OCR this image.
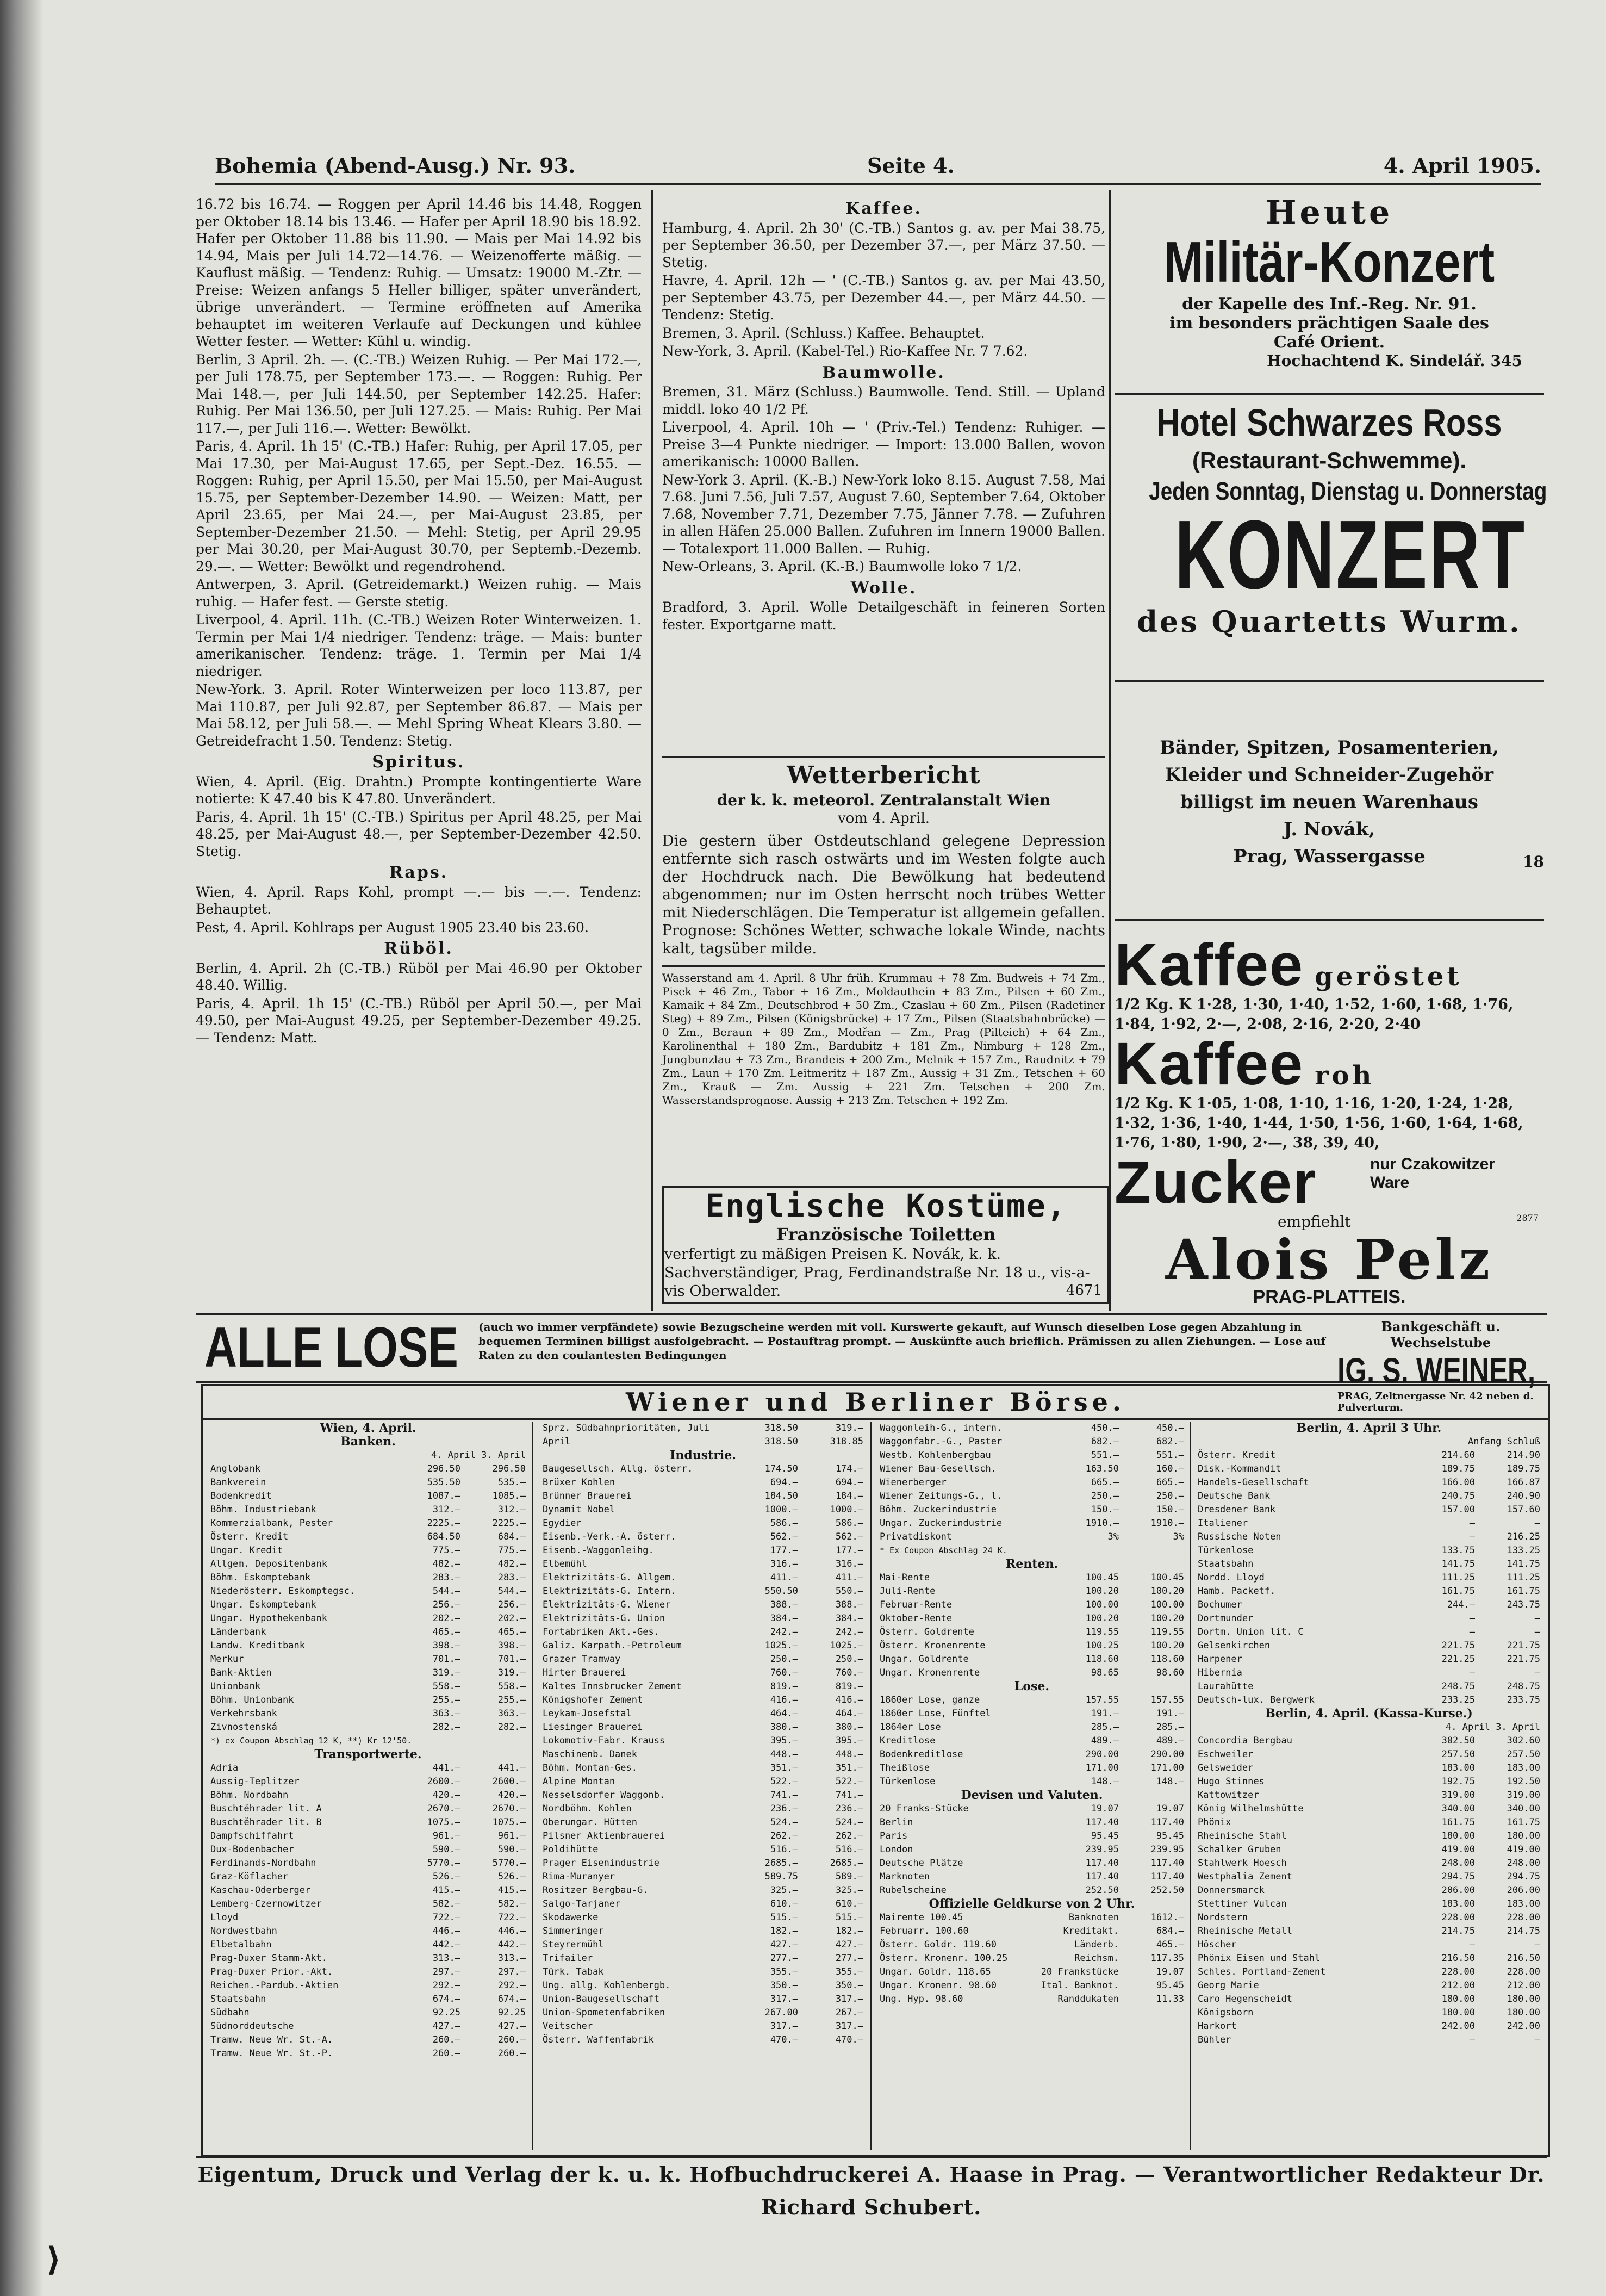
Bohemia (Abend-Ausg.) Nr. 93.	Seite 4.	4. April 1905.

16.72 bis 16.74. — Roggen per April 14.46 bis 14.48, Roggen per Oktober 18.14 bis 13.46. — Hafer per April 18.90 bis 18.92. Hafer per Oktober 11.88 bis 11.90. — Mais per Mai 14.92 bis 14.94, Mais per Juli 14.72—14.76. — Weizenofferte mäßig. — Kauflust mäßig. — Tendenz: Ruhig. — Umsatz: 19000 M.-Ztr. — Preise: Weizen anfangs 5 Heller billiger, später unverändert, übrige unverändert. — Termine eröffneten auf Amerika behauptet im weiteren Verlaufe auf Deckungen und kühlee Wetter fester. — Wetter: Kühl u. windig.

Berlin, 3 April. 2h. —. (C.-TB.) Weizen Ruhig. — Per Mai 172.—, per Juli 178.75, per September 173.—. — Roggen: Ruhig. Per Mai 148.—, per Juli 144.50, per September 142.25. Hafer: Ruhig. Per Mai 136.50, per Juli 127.25. — Mais: Ruhig. Per Mai 117.—, per Juli 116.—. Wetter: Bewölkt.

Paris, 4. April. 1h 15' (C.-TB.) Hafer: Ruhig, per April 17.05, per Mai 17.30, per Mai-August 17.65, per Sept.-Dez. 16.55. — Roggen: Ruhig, per April 15.50, per Mai 15.50, per Mai-August 15.75, per September-Dezember 14.90. — Weizen: Matt, per April 23.65, per Mai 24.—, per Mai-August 23.85, per September-Dezember 21.50. — Mehl: Stetig, per April 29.95 per Mai 30.20, per Mai-August 30.70, per Septemb.-Dezemb. 29.—. — Wetter: Bewölkt und regendrohend.

Antwerpen, 3. April. (Getreidemarkt.) Weizen ruhig. — Mais ruhig. — Hafer fest. — Gerste stetig.

Liverpool, 4. April. 11h. (C.-TB.) Weizen Roter Winterweizen. 1. Termin per Mai 1/4 niedriger. Tendenz: träge. — Mais: bunter amerikanischer. Tendenz: träge. 1. Termin per Mai 1/4 niedriger.

New-York. 3. April. Roter Winterweizen per loco 113.87, per Mai 110.87, per Juli 92.87, per September 86.87. — Mais per Mai 58.12, per Juli 58.—. — Mehl Spring Wheat Klears 3.80. — Getreidefracht 1.50. Tendenz: Stetig.

Spiritus.

Wien, 4. April. (Eig. Drahtn.) Prompte kontingentierte Ware notierte: K 47.40 bis K 47.80. Unverändert.

Paris, 4. April. 1h 15' (C.-TB.) Spiritus per April 48.25, per Mai 48.25, per Mai-August 48.—, per September-Dezember 42.50. Stetig.

Raps.

Wien, 4. April. Raps Kohl, prompt —.— bis —.—. Tendenz: Behauptet.

Pest, 4. April. Kohlraps per August 1905 23.40 bis 23.60.

Rüböl.

Berlin, 4. April. 2h (C.-TB.) Rüböl per Mai 46.90 per Oktober 48.40. Willig.

Paris, 4. April. 1h 15' (C.-TB.) Rüböl per April 50.—, per Mai 49.50, per Mai-August 49.25, per September-Dezember 49.25. — Tendenz: Matt.

Kaffee.

Hamburg, 4. April. 2h 30' (C.-TB.) Santos g. av. per Mai 38.75, per September 36.50, per Dezember 37.—, per März 37.50. — Stetig.

Havre, 4. April. 12h — ' (C.-TB.) Santos g. av. per Mai 43.50, per September 43.75, per Dezember 44.—, per März 44.50. — Tendenz: Stetig.

Bremen, 3. April. (Schluss.) Kaffee. Behauptet.

New-York, 3. April. (Kabel-Tel.) Rio-Kaffee Nr. 7 7.62.

Baumwolle.

Bremen, 31. März (Schluss.) Baumwolle. Tend. Still. — Upland middl. loko 40 1/2 Pf.

Liverpool, 4. April. 10h — ' (Priv.-Tel.) Tendenz: Ruhiger. — Preise 3—4 Punkte niedriger. — Import: 13.000 Ballen, wovon amerikanisch: 10000 Ballen.

New-York 3. April. (K.-B.) New-York loko 8.15. August 7.58, Mai 7.68. Juni 7.56, Juli 7.57, August 7.60, September 7.64, Oktober 7.68, November 7.71, Dezember 7.75, Jänner 7.78. — Zufuhren in allen Häfen 25.000 Ballen. Zufuhren im Innern 19000 Ballen. — Totalexport 11.000 Ballen. — Ruhig.

New-Orleans, 3. April. (K.-B.) Baumwolle loko 7 1/2.

Wolle.

Bradford, 3. April. Wolle Detailgeschäft in feineren Sorten fester. Exportgarne matt.

Wetterbericht
der k. k. meteorol. Zentralanstalt Wien
vom 4. April.
Die gestern über Ostdeutschland gelegene Depression entfernte sich rasch ostwärts und im Westen folgte auch der Hochdruck nach. Die Bewölkung hat bedeutend abgenommen; nur im Osten herrscht noch trübes Wetter mit Niederschlägen. Die Temperatur ist allgemein gefallen. Prognose: Schönes Wetter, schwache lokale Winde, nachts kalt, tagsüber milde.
Wasserstand am 4. April. 8 Uhr früh. Krummau + 78 Zm. Budweis + 74 Zm., Pisek + 46 Zm., Tabor + 16 Zm., Moldauthein + 83 Zm., Pilsen + 60 Zm., Kamaik + 84 Zm., Deutschbrod + 50 Zm., Czaslau + 60 Zm., Pilsen (Radetiner Steg) + 89 Zm., Pilsen (Königsbrücke) + 17 Zm., Pilsen (Staatsbahnbrücke) — 0 Zm., Beraun + 89 Zm., Modřan — Zm., Prag (Pilteich) + 64 Zm., Karolinenthal + 180 Zm., Bardubitz + 181 Zm., Nimburg + 128 Zm., Jungbunzlau + 73 Zm., Brandeis + 200 Zm., Melnik + 157 Zm., Raudnitz + 79 Zm., Laun + 170 Zm. Leitmeritz + 187 Zm., Aussig + 31 Zm., Tetschen + 60 Zm., Krauß — Zm. Aussig + 221 Zm. Tetschen + 200 Zm. Wasserstandsprognose. Aussig + 213 Zm. Tetschen + 192 Zm.
Englische Kostüme,
Französische Toiletten
verfertigt zu mäßigen Preisen K. Novák, k. k. Sachverständiger, Prag, Ferdinandstraße Nr. 18 u., vis-a-vis Oberwalder.	4671
Heute
Militär-Konzert
der Kapelle des Inf.-Reg. Nr. 91.
im besonders prächtigen Saale des
Café Orient.
Hochachtend K. Sindelář. 345
Hotel Schwarzes Ross
(Restaurant-Schwemme).
Jeden Sonntag, Dienstag u. Donnerstag
KONZERT
des Quartetts Wurm.
Bänder, Spitzen, Posamenterien,
Kleider und Schneider-Zugehör
billigst im neuen Warenhaus
J. Novák,
Prag, Wassergasse	18
Kaffee geröstet
1/2 Kg. K 1·28, 1·30, 1·40, 1·52, 1·60, 1·68, 1·76, 1·84, 1·92, 2·—, 2·08, 2·16, 2·20, 2·40
Kaffee roh
1/2 Kg. K 1·05, 1·08, 1·10, 1·16, 1·20, 1·24, 1·28, 1·32, 1·36, 1·40, 1·44, 1·50, 1·56, 1·60, 1·64, 1·68, 1·76, 1·80, 1·90, 2·—, 38, 39, 40,
Zucker	nur Czakowitzer
Ware
empfiehlt	2877
Alois Pelz
PRAG-PLATTEIS.
ALLE LOSE (auch wo immer verpfändete) sowie Bezugscheine werden mit voll. Kurswerte gekauft, auf Wunsch dieselben Lose gegen Abzahlung in bequemen Terminen billigst ausfolgebracht. — Postauftrag prompt. — Auskünfte auch brieflich. Prämissen zu allen Ziehungen. — Lose auf Raten zu den coulantesten Bedingungen
Bankgeschäft u. Wechselstube
IG. S. WEINER,
PRAG, Zeltnergasse Nr. 42 neben d. Pulverturm.
Wiener und Berliner Börse.
Wien, 4. April.
Banken.
4. April 3. April
Anglobank	296.50	296.50
Bankverein	535.50	535.—
Bodenkredit	1087.—	1085.—
Böhm. Industriebank	312.—	312.—
Kommerzialbank, Pester	2225.—	2225.—
Österr. Kredit	684.50	684.—
Ungar. Kredit	775.—	775.—
Allgem. Depositenbank	482.—	482.—
Böhm. Eskomptebank	283.—	283.—
Niederösterr. Eskomptegsc.	544.—	544.—
Ungar. Eskomptebank	256.—	256.—
Ungar. Hypothekenbank	202.—	202.—
Länderbank	465.—	465.—
Landw. Kreditbank	398.—	398.—
Merkur	701.—	701.—
Bank-Aktien	319.—	319.—
Unionbank	558.—	558.—
Böhm. Unionbank	255.—	255.—
Verkehrsbank	363.—	363.—
Zivnostenská	282.—	282.—
*) ex Coupon Abschlag 12 K, **) Kr 12'50.
Transportwerte.
Adria	441.—	441.—
Aussig-Teplitzer	2600.—	2600.—
Böhm. Nordbahn	420.—	420.—
Buschtěhrader lit. A	2670.—	2670.—
Buschtěhrader lit. B	1075.—	1075.—
Dampfschiffahrt	961.—	961.—
Dux-Bodenbacher	590.—	590.—
Ferdinands-Nordbahn	5770.—	5770.—
Graz-Köflacher	526.—	526.—
Kaschau-Oderberger	415.—	415.—
Lemberg-Czernowitzer	582.—	582.—
Lloyd	722.—	722.—
Nordwestbahn	446.—	446.—
Elbetalbahn	442.—	442.—
Prag-Duxer Stamm-Akt.	313.—	313.—
Prag-Duxer Prior.-Akt.	297.—	297.—
Reichen.-Pardub.-Aktien	292.—	292.—
Staatsbahn	674.—	674.—
Südbahn	92.25	92.25
Südnorddeutsche	427.—	427.—
Tramw. Neue Wr. St.-A.	260.—	260.—
Tramw. Neue Wr. St.-P.	260.—	260.—
Sprz. Südbahnprioritäten, Juli	318.50	319.—
April	318.50	318.85
Industrie.
Baugesellsch. Allg. österr.	174.50	174.—
Brüxer Kohlen	694.—	694.—
Brünner Brauerei	184.50	184.—
Dynamit Nobel	1000.—	1000.—
Egydier	586.—	586.—
Eisenb.-Verk.-A. österr.	562.—	562.—
Eisenb.-Waggonleihg.	177.—	177.—
Elbemühl	316.—	316.—
Elektrizitäts-G. Allgem.	411.—	411.—
Elektrizitäts-G. Intern.	550.50	550.—
Elektrizitäts-G. Wiener	388.—	388.—
Elektrizitäts-G. Union	384.—	384.—
Fortabriken Akt.-Ges.	242.—	242.—
Galiz. Karpath.-Petroleum	1025.—	1025.—
Grazer Tramway	250.—	250.—
Hirter Brauerei	760.—	760.—
Kaltes Innsbrucker Zement	819.—	819.—
Königshofer Zement	416.—	416.—
Leykam-Josefstal	464.—	464.—
Liesinger Brauerei	380.—	380.—
Lokomotiv-Fabr. Krauss	395.—	395.—
Maschinenb. Danek	448.—	448.—
Böhm. Montan-Ges.	351.—	351.—
Alpine Montan	522.—	522.—
Nesselsdorfer Waggonb.	741.—	741.—
Nordböhm. Kohlen	236.—	236.—
Oberungar. Hütten	524.—	524.—
Pilsner Aktienbrauerei	262.—	262.—
Poldihütte	516.—	516.—
Prager Eisenindustrie	2685.—	2685.—
Rima-Muranyer	589.75	589.—
Rositzer Bergbau-G.	325.—	325.—
Salgo-Tarjaner	610.—	610.—
Skodawerke	515.—	515.—
Simmeringer	182.—	182.—
Steyrermühl	427.—	427.—
Trifailer	277.—	277.—
Türk. Tabak	355.—	355.—
Ung. allg. Kohlenbergb.	350.—	350.—
Union-Baugesellschaft	317.—	317.—
Union-Spometenfabriken	267.00	267.—
Veitscher	317.—	317.—
Österr. Waffenfabrik	470.—	470.—
Waggonleih-G., intern.	450.—	450.—
Waggonfabr.-G., Paster	682.—	682.—
Westb. Kohlenbergbau	551.—	551.—
Wiener Bau-Gesellsch.	163.50	160.—
Wienerberger	665.—	665.—
Wiener Zeitungs-G., l.	250.—	250.—
Böhm. Zuckerindustrie	150.—	150.—
Ungar. Zuckerindustrie	1910.—	1910.—
Privatdiskont	3%	3%
* Ex Coupon Abschlag 24 K.
Renten.
Mai-Rente	100.45	100.45
Juli-Rente	100.20	100.20
Februar-Rente	100.00	100.00
Oktober-Rente	100.20	100.20
Österr. Goldrente	119.55	119.55
Österr. Kronenrente	100.25	100.20
Ungar. Goldrente	118.60	118.60
Ungar. Kronenrente	98.65	98.60
Lose.
1860er Lose, ganze	157.55	157.55
1860er Lose, Fünftel	191.—	191.—
1864er Lose	285.—	285.—
Kreditlose	489.—	489.—
Bodenkreditlose	290.00	290.00
Theißlose	171.00	171.00
Türkenlose	148.—	148.—
Devisen und Valuten.
20 Franks-Stücke	19.07	19.07
Berlin	117.40	117.40
Paris	95.45	95.45
London	239.95	239.95
Deutsche Plätze	117.40	117.40
Marknoten	117.40	117.40
Rubelscheine	252.50	252.50
Offizielle Geldkurse von 2 Uhr.
Mairente 100.45	Banknoten	1612.—
Februarr. 100.60	Kreditakt.	684.—
Österr. Goldr. 119.60	Länderb.	465.—
Österr. Kronenr. 100.25	Reichsm.	117.35
Ungar. Goldr. 118.65	20 Frankstücke	19.07
Ungar. Kronenr. 98.60	Ital. Banknot.	95.45
Ung. Hyp. 98.60	Randdukaten	11.33
Berlin, 4. April 3 Uhr.
Anfang Schluß
Österr. Kredit	214.60	214.90
Disk.-Kommandit	189.75	189.75
Handels-Gesellschaft	166.00	166.87
Deutsche Bank	240.75	240.90
Dresdener Bank	157.00	157.60
Italiener	—	—
Russische Noten	—	216.25
Türkenlose	133.75	133.25
Staatsbahn	141.75	141.75
Nordd. Lloyd	111.25	111.25
Hamb. Packetf.	161.75	161.75
Bochumer	244.—	243.75
Dortmunder	—	—
Dortm. Union lit. C	—	—
Gelsenkirchen	221.75	221.75
Harpener	221.25	221.75
Hibernia	—	—
Laurahütte	248.75	248.75
Deutsch-lux. Bergwerk	233.25	233.75
Berlin, 4. April. (Kassa-Kurse.)
4. April 3. April
Concordia Bergbau	302.50	302.60
Eschweiler	257.50	257.50
Gelsweider	183.00	183.00
Hugo Stinnes	192.75	192.50
Kattowitzer	319.00	319.00
König Wilhelmshütte	340.00	340.00
Phönix	161.75	161.75
Rheinische Stahl	180.00	180.00
Schalker Gruben	419.00	419.00
Stahlwerk Hoesch	248.00	248.00
Westphalia Zement	294.75	294.75
Donnersmarck	206.00	206.00
Stettiner Vulcan	183.00	183.00
Nordstern	228.00	228.00
Rheinische Metall	214.75	214.75
Höscher	—	—
Phönix Eisen und Stahl	216.50	216.50
Schles. Portland-Zement	228.00	228.00
Georg Marie	212.00	212.00
Caro Hegenscheidt	180.00	180.00
Königsborn	180.00	180.00
Harkort	242.00	242.00
Bühler	—	—
Eigentum, Druck und Verlag der k. u. k. Hofbuchdruckerei A. Haase in Prag. — Verantwortlicher Redakteur Dr. Richard Schubert.
⟩
